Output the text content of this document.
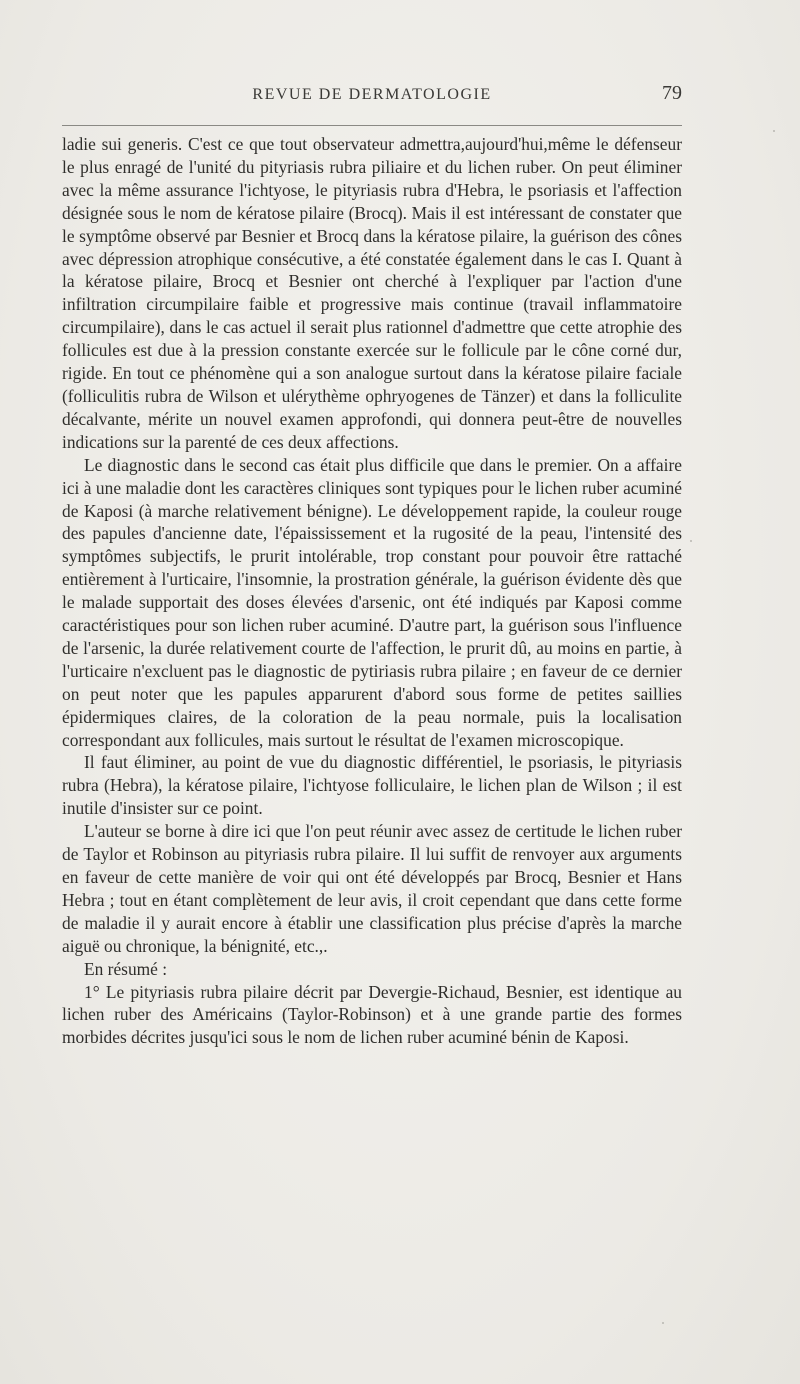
REVUE DE DERMATOLOGIE	79

ladie sui generis. C'est ce que tout observateur admettra,aujourd'hui,même le défenseur le plus enragé de l'unité du pityriasis rubra piliaire et du lichen ruber. On peut éliminer avec la même assurance l'ichtyose, le pityriasis rubra d'Hebra, le psoriasis et l'affection désignée sous le nom de kératose pilaire (Brocq). Mais il est intéressant de constater que le symptôme observé par Besnier et Brocq dans la kératose pilaire, la guérison des cônes avec dépression atrophique consécutive, a été constatée également dans le cas I. Quant à la kératose pilaire, Brocq et Besnier ont cherché à l'expliquer par l'action d'une infiltration circumpilaire faible et progressive mais continue (travail inflammatoire circumpilaire), dans le cas actuel il serait plus rationnel d'admettre que cette atrophie des follicules est due à la pression constante exercée sur le follicule par le cône corné dur, rigide. En tout ce phénomène qui a son analogue surtout dans la kératose pilaire faciale (folliculitis rubra de Wilson et ulérythème ophryogenes de Tänzer) et dans la folliculite décalvante, mérite un nouvel examen approfondi, qui donnera peut-être de nouvelles indications sur la parenté de ces deux affections.

Le diagnostic dans le second cas était plus difficile que dans le premier. On a affaire ici à une maladie dont les caractères cliniques sont typiques pour le lichen ruber acuminé de Kaposi (à marche relativement bénigne). Le développement rapide, la couleur rouge des papules d'ancienne date, l'épaississement et la rugosité de la peau, l'intensité des symptômes subjectifs, le prurit intolérable, trop constant pour pouvoir être rattaché entièrement à l'urticaire, l'insomnie, la prostration générale, la guérison évidente dès que le malade supportait des doses élevées d'arsenic, ont été indiqués par Kaposi comme caractéristiques pour son lichen ruber acuminé. D'autre part, la guérison sous l'influence de l'arsenic, la durée relativement courte de l'affection, le prurit dû, au moins en partie, à l'urticaire n'excluent pas le diagnostic de pytiriasis rubra pilaire ; en faveur de ce dernier on peut noter que les papules apparurent d'abord sous forme de petites saillies épidermiques claires, de la coloration de la peau normale, puis la localisation correspondant aux follicules, mais surtout le résultat de l'examen microscopique.

Il faut éliminer, au point de vue du diagnostic différentiel, le psoriasis, le pityriasis rubra (Hebra), la kératose pilaire, l'ichtyose folliculaire, le lichen plan de Wilson ; il est inutile d'insister sur ce point.

L'auteur se borne à dire ici que l'on peut réunir avec assez de certitude le lichen ruber de Taylor et Robinson au pityriasis rubra pilaire. Il lui suffit de renvoyer aux arguments en faveur de cette manière de voir qui ont été développés par Brocq, Besnier et Hans Hebra ; tout en étant complètement de leur avis, il croit cependant que dans cette forme de maladie il y aurait encore à établir une classification plus précise d'après la marche aiguë ou chronique, la bénignité, etc.,.

En résumé :

1° Le pityriasis rubra pilaire décrit par Devergie-Richaud, Besnier, est identique au lichen ruber des Américains (Taylor-Robinson) et à une grande partie des formes morbides décrites jusqu'ici sous le nom de lichen ruber acuminé bénin de Kaposi.
